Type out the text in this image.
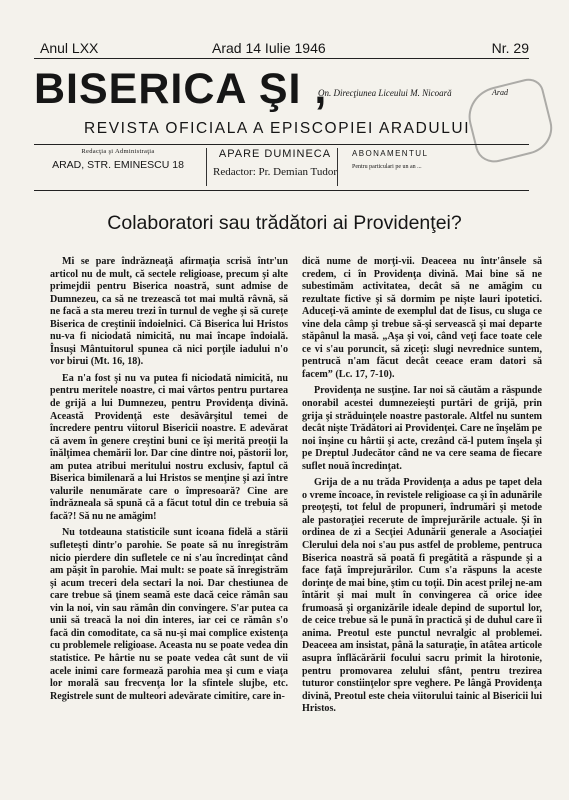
Anul LXX	Arad 14 Iulie 1946	Nr. 29
BISERICA ŞI ,
On. Direcţiunea Liceului M. Nicoară	Arad
REVISTA OFICIALA A EPISCOPIEI ARADULUI
Redacţia şi Administraţia
ARAD, STR. EMINESCU 18
APARE DUMINECA
Redactor: Pr. Demian Tudor
ABONAMENTUL
Pentru particulari pe un an ...
Colaboratori sau trădători ai Providenţei?

Mi se pare îndrăzneaţă afirmaţia scrisă într'un articol nu de mult, că sectele religioase, precum şi alte primejdii pentru Biserica noastră, sunt admise de Dumnezeu, ca să ne trezească tot mai multă râvnă, să ne facă a sta mereu trezi în turnul de veghe şi să curețe Biserica de creştinii îndoielnici. Că Biserica lui Hristos nu-va fi niciodată nimicită, nu mai încape îndoială. Însuşi Mântuitorul spunea că nici porţile iadului n'o vor birui (Mt. 16, 18).

Ea n'a fost şi nu va putea fi niciodată nimicită, nu pentru meritele noastre, ci mai vârtos pentru purtarea de grijă a lui Dumnezeu, pentru Providenţa divină. Această Providenţă este desăvârşitul temei de încredere pentru viitorul Bisericii noastre. E adevărat că avem în genere creştini buni ce îşi merită preoţii la înălţimea chemării lor. Dar cine dintre noi, păstorii lor, am putea atribui meritului nostru exclusiv, faptul că Biserica bimilenară a lui Hristos se menţine şi azi între valurile nenumărate care o împresoară? Cine are îndrăzneala să spună că a făcut totul din ce trebuia să facă?! Să nu ne amăgim!

Nu totdeauna statisticile sunt icoana fidelă a stării sufleteşti dintr'o parohie. Se poate să nu înregistrăm nicio pierdere din sufletele ce ni s'au încredinţat când am păşit în parohie. Mai mult: se poate să înregistrăm şi acum treceri dela sectari la noi. Dar chestiunea de care trebue să ţinem seamă este dacă ceice rămân sau vin la noi, vin sau rămân din convingere. S'ar putea ca unii să treacă la noi din interes, iar cei ce rămân s'o facă din comoditate, ca să nu-şi mai complice existenţa cu problemele religioase. Aceasta nu se poate vedea din statistice. Pe hârtie nu se poate vedea cât sunt de vii acele inimi care formează parohia mea şi cum e viaţa lor morală sau frecvenţa lor la sfintele slujbe, etc. Registrele sunt de multeori adevărate cimitire, care in-

dică nume de morţi-vii. Deaceea nu într'ânsele să credem, ci în Providenţa divină. Mai bine să ne subestimăm activitatea, decât să ne amăgim cu rezultate fictive şi să dormim pe nişte lauri ipotetici. Aduceţi-vă aminte de exemplul dat de Iisus, cu sluga ce vine dela câmp şi trebue să-şi servească şi mai departe stăpânul la masă. „Aşa şi voi, când veţi face toate cele ce vi s'au poruncit, să ziceţi: slugi nevrednice suntem, pentrucă n'am făcut decât ceeace eram datori să facem” (Lc. 17, 7-10).

Providenţa ne susţine. Iar noi să căutăm a răspunde onorabil acestei dumnezeieşti purtări de grijă, prin grija şi străduinţele noastre pastorale. Altfel nu suntem decât nişte Trădători ai Providenţei. Care ne înşelăm pe noi înşine cu hârtii şi acte, crezând că-l putem înşela şi pe Dreptul Judecător când ne va cere seama de fiecare suflet nouă încredinţat.

Grija de a nu trăda Providenţa a adus pe tapet dela o vreme încoace, în revistele religioase ca şi în adunările preoţeşti, tot felul de propuneri, îndrumări şi metode ale pastoraţiei recerute de împrejurările actuale. Şi în ordinea de zi a Secţiei Adunării generale a Asociaţiei Clerului dela noi s'au pus astfel de probleme, pentruca Biserica noastră să poată fi pregătită a răspunde şi a face faţă împrejurărilor. Cum s'a răspuns la aceste dorinţe de mai bine, ştim cu toţii. Din acest prilej ne-am întărit şi mai mult în convingerea că orice idee frumoasă şi organizările ideale depind de suportul lor, de ceice trebue să le pună în practică şi de duhul care îi anima. Preotul este punctul nevralgic al problemei. Deaceea am insistat, până la saturaţie, în atâtea articole asupra înflăcărării focului sacru primit la hirotonie, pentru promovarea zelului sfânt, pentru trezirea tuturor constiinţelor spre veghere. Pe lângă Providenţa divină, Preotul este cheia viitorului tainic al Bisericii lui Hristos.
